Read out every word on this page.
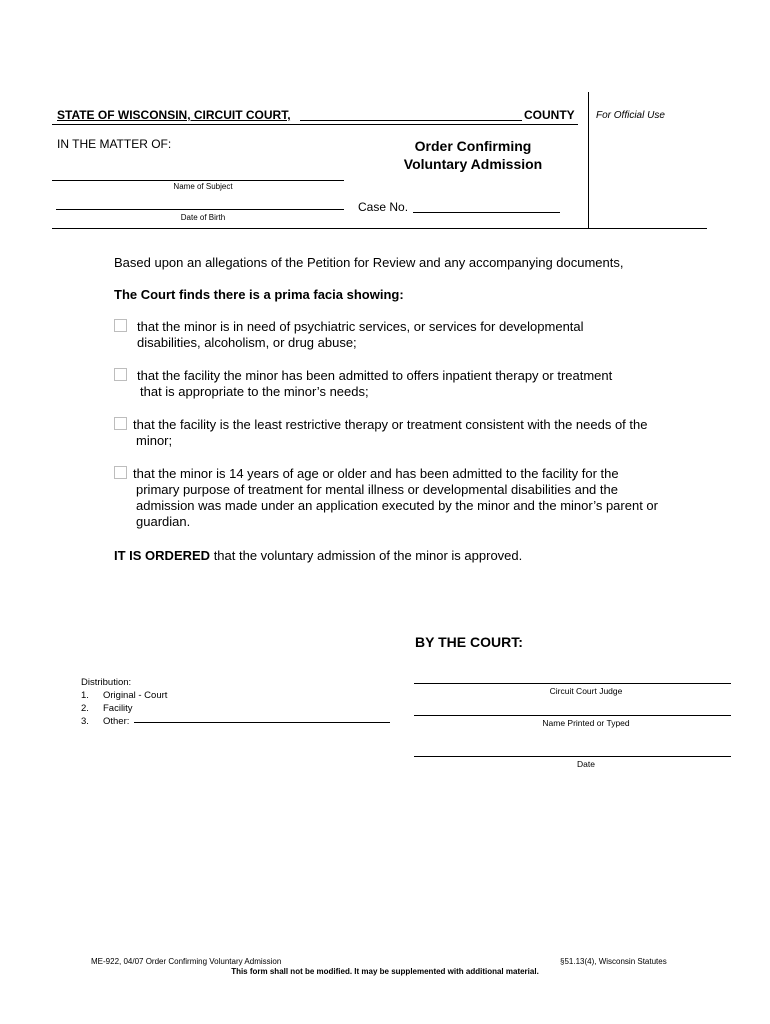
STATE OF WISCONSIN, CIRCUIT COURT,	COUNTY For Official Use
IN THE MATTER OF:	Order Confirming
Voluntary Admission
Name of Subject
Date of Birth
Case No.
Based upon an allegations of the Petition for Review and any accompanying documents,
The Court finds there is a prima facia showing:
that the minor is in need of psychiatric services, or services for developmental
disabilities, alcoholism, or drug abuse;
that the facility the minor has been admitted to offers inpatient therapy or treatment
that is appropriate to the minor’s needs;
that the facility is the least restrictive therapy or treatment consistent with the needs of the
minor;
that the minor is 14 years of age or older and has been admitted to the facility for the
primary purpose of treatment for mental illness or developmental disabilities and the
admission was made under an application executed by the minor and the minor’s parent or
guardian.
IT IS ORDERED that the voluntary admission of the minor is approved.
BY THE COURT:
Circuit Court Judge
Name Printed or Typed
Date
Distribution:
1. Original - Court
2. Facility
3. Other:
ME-922, 04/07 Order Confirming Voluntary Admission	§51.13(4), Wisconsin Statutes
This form shall not be modified. It may be supplemented with additional material.
